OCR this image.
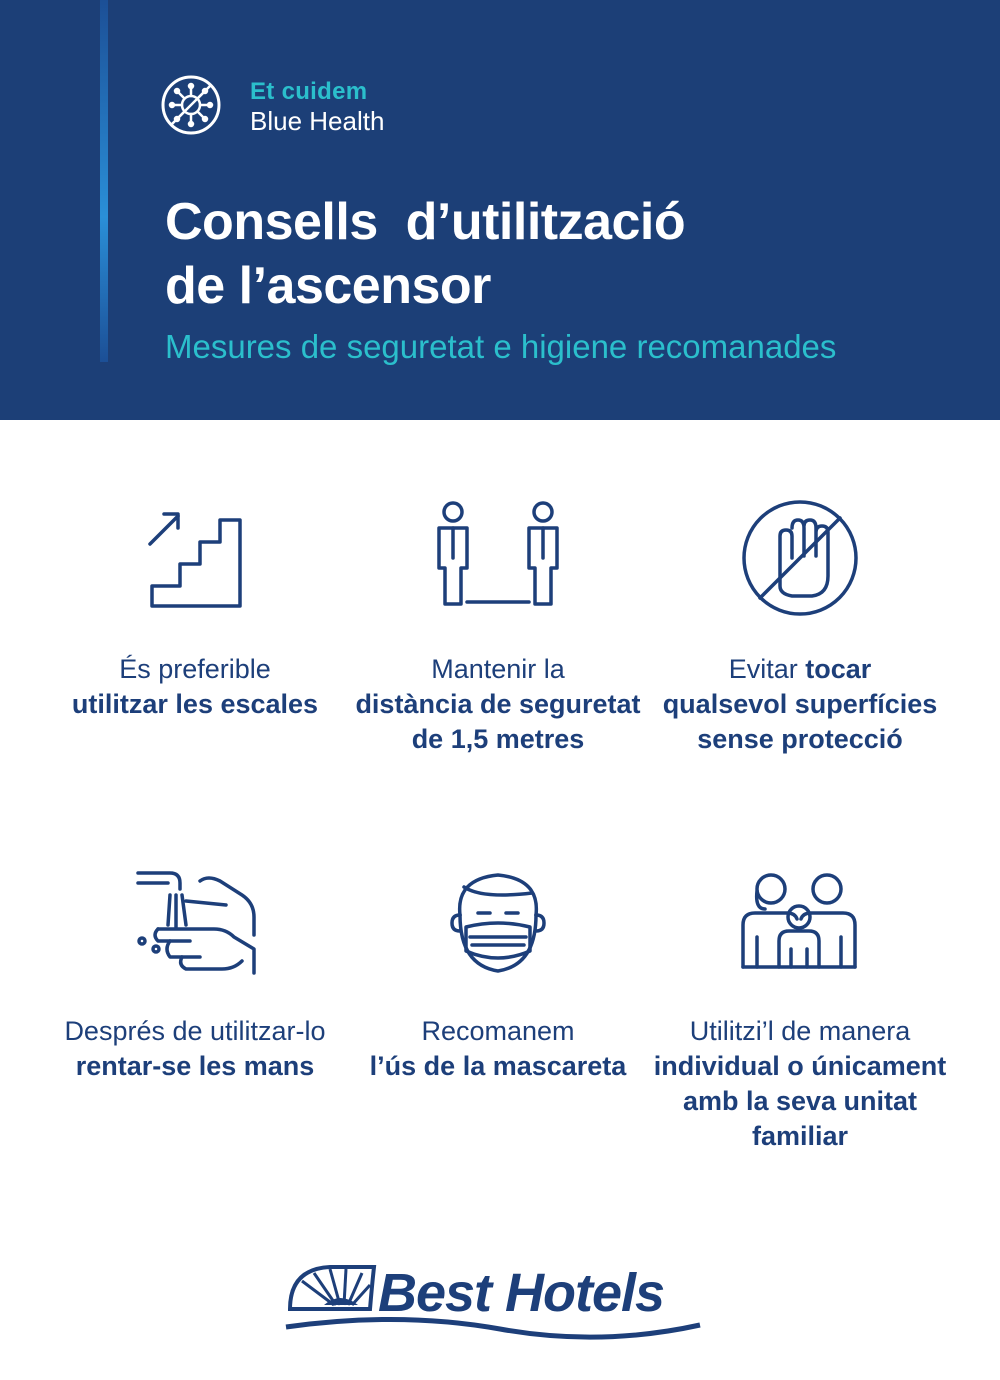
Et cuidem
Blue Health
Consells  d’utilització
de l’ascensor
Mesures de seguretat e higiene recomanades
És preferible
utilitzar les escales
Mantenir la
distància de seguretat de 1,5 metres
Evitar tocar
qualsevol superfícies sense protecció
Després de utilitzar-lo
rentar-se les mans
Recomanem
l’ús de la mascareta
Utilitzi’l de manera
individual o únicament amb la seva unitat familiar
Best Hotels
